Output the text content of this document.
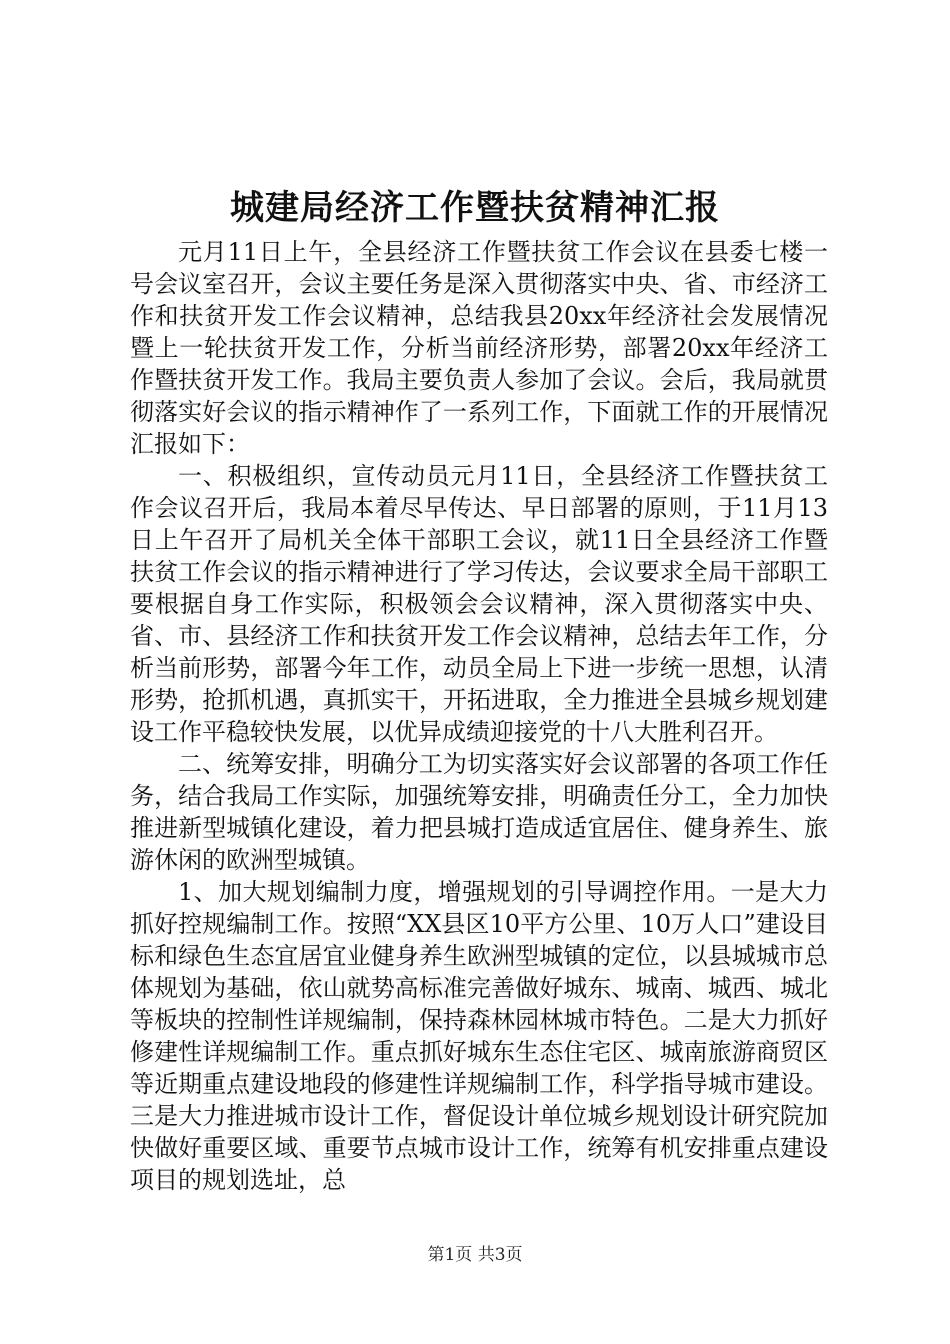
城建局经济工作暨扶贫精神汇报

元月11日上午，全县经济工作暨扶贫工作会议在县委七楼一号会议室召开，会议主要任务是深入贯彻落实中央、省、市经济工作和扶贫开发工作会议精神，总结我县20xx年经济社会发展情况暨上一轮扶贫开发工作，分析当前经济形势，部署20xx年经济工作暨扶贫开发工作。我局主要负责人参加了会议。会后，我局就贯彻落实好会议的指示精神作了一系列工作，下面就工作的开展情况汇报如下：

一、积极组织，宣传动员元月11日，全县经济工作暨扶贫工作会议召开后，我局本着尽早传达、早日部署的原则，于11月13日上午召开了局机关全体干部职工会议，就11日全县经济工作暨扶贫工作会议的指示精神进行了学习传达，会议要求全局干部职工要根据自身工作实际，积极领会会议精神，深入贯彻落实中央、省、市、县经济工作和扶贫开发工作会议精神，总结去年工作，分析当前形势，部署今年工作，动员全局上下进一步统一思想，认清形势，抢抓机遇，真抓实干，开拓进取，全力推进全县城乡规划建设工作平稳较快发展，以优异成绩迎接党的十八大胜利召开。

二、统筹安排，明确分工为切实落实好会议部署的各项工作任务，结合我局工作实际，加强统筹安排，明确责任分工，全力加快推进新型城镇化建设，着力把县城打造成适宜居住、健身养生、旅游休闲的欧洲型城镇。

1、加大规划编制力度，增强规划的引导调控作用。一是大力抓好控规编制工作。按照“XX县区10平方公里、10万人口”建设目标和绿色生态宜居宜业健身养生欧洲型城镇的定位，以县城城市总体规划为基础，依山就势高标准完善做好城东、城南、城西、城北等板块的控制性详规编制，保持森林园林城市特色。二是大力抓好修建性详规编制工作。重点抓好城东生态住宅区、城南旅游商贸区等近期重点建设地段的修建性详规编制工作，科学指导城市建设。三是大力推进城市设计工作，督促设计单位城乡规划设计研究院加快做好重要区域、重要节点城市设计工作，统筹有机安排重点建设项目的规划选址，总

第1页 共3页
